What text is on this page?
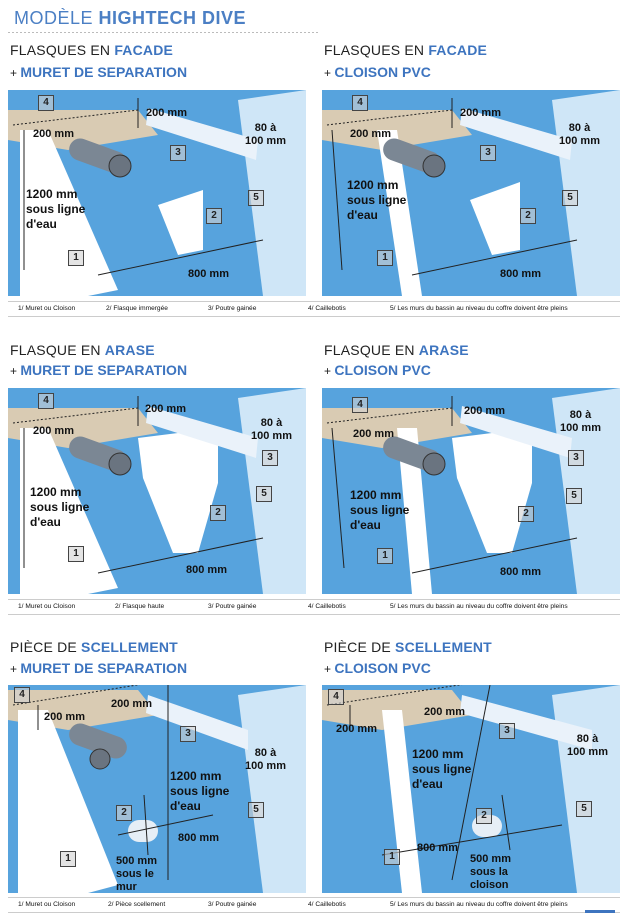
MODÈLE HIGHTECH DIVE
FLASQUES EN FACADE
+ MURET DE SEPARATION
FLASQUES EN FACADE
+ CLOISON PVC
4
3
2
5
1
200 mm
200 mm	80 à
100 mm
1200 mm
sous ligne
d'eau
800 mm
4
3
2
5
1
200 mm
200 mm	80 à
100 mm
1200 mm
sous ligne
d'eau
800 mm
1/ Muret ou Cloison	2/ Flasque immergée	3/ Poutre gainée	4/ Caillebotis	5/ Les murs du bassin au niveau du coffre doivent être pleins
FLASQUE EN ARASE
+ MURET DE SEPARATION
FLASQUE EN ARASE
+ CLOISON PVC
4
3
2
5
1
200 mm
200 mm
80 à
100 mm
1200 mm
sous ligne
d'eau
800 mm
4
3
2
5
1
200 mm
200 mm
80 à
100 mm
1200 mm
sous ligne
d'eau
800 mm
1/ Muret ou Cloison	2/ Flasque haute	3/ Poutre gainée	4/ Caillebotis	5/ Les murs du bassin au niveau du coffre doivent être pleins
PIÈCE DE SCELLEMENT
+ MURET DE SEPARATION
PIÈCE DE SCELLEMENT
+ CLOISON PVC
4
3
2	5
1
200 mm
200 mm
80 à
100 mm
1200 mm
sous ligne
d'eau
800 mm
500 mm
sous le
mur
4
3
2
5
1
200 mm
200 mm
80 à
100 mm
1200 mm
sous ligne
d'eau
800 mm
500 mm
sous la
cloison
1/ Muret ou Cloison	2/ Pièce scellement	3/ Poutre gainée	4/ Caillebotis	5/ Les murs du bassin au niveau du coffre doivent être pleins
